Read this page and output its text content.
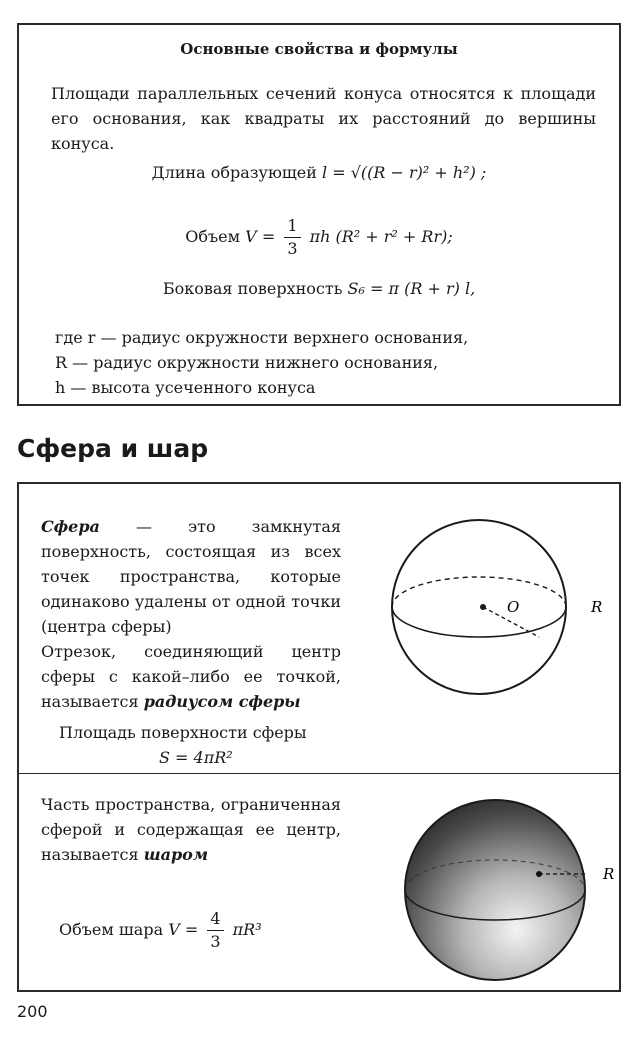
Основные свойства и формулы
Площади параллельных сечений конуса относятся к площади его основания, как квадраты их расстояний до вершины конуса.
Длина образующей l = √((R − r)² + h²) ;
Объем $V = \frac{1}{3}$ πh (R² + r² + Rr);
Боковая поверхность S₆ = π (R + r) l,
где r — радиус окружности верхнего основания,
R — радиус окружности нижнего основания,
h — высота усеченного конуса
Сфера и шар
Сфера — это замкнутая поверхность, состоящая из всех точек пространства, которые одинаково удалены от одной точки (центра сферы)
Отрезок, соединяющий центр сферы с какой–либо ее точкой, называется радиусом сферы
Площадь поверхности сферы
S = 4πR²
O	R
Часть пространства, ограниченная сферой и содержащая ее центр, называется шаром
Объем шара $V = \frac{4}{3} \pi R^3$
R
200
